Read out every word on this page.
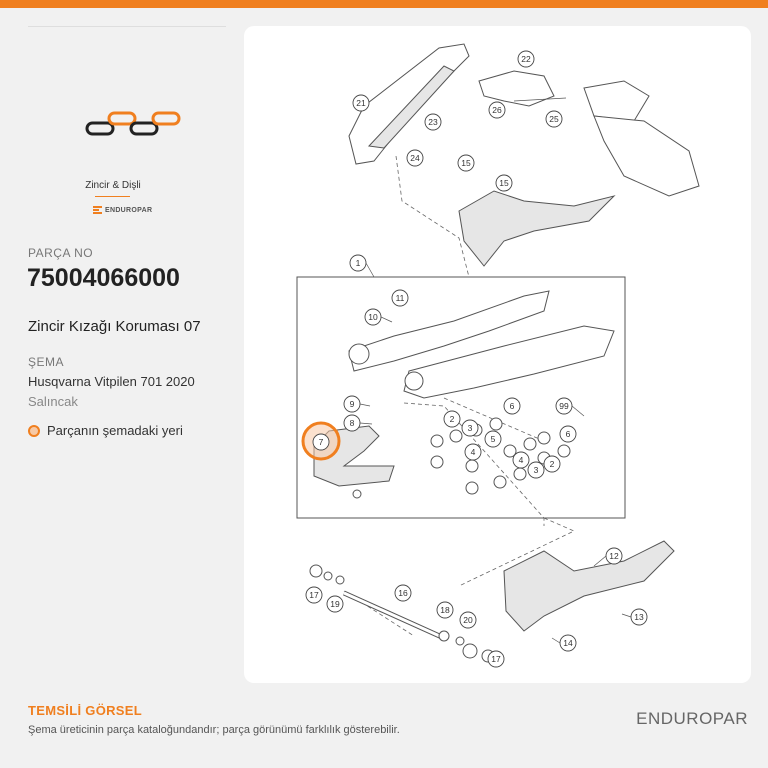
Zincir & Dişli
ENDUROPAR
PARÇA NO
75004066000
Zincir Kızağı Koruması 07
ŞEMA
Husqvarna Vitpilen 701 2020
Salıncak
Parçanın şemadaki yeri
1
2
2
3
3
4
4
5
6
6
7
8
9
10
11
12
13
14
15
15
16
17
17
18
19
20
21
22
23
24
25
26
99
TEMSİLİ GÖRSEL
Şema üreticinin parça kataloğundandır; parça görünümü farklılık gösterebilir.
ENDUROPAR
